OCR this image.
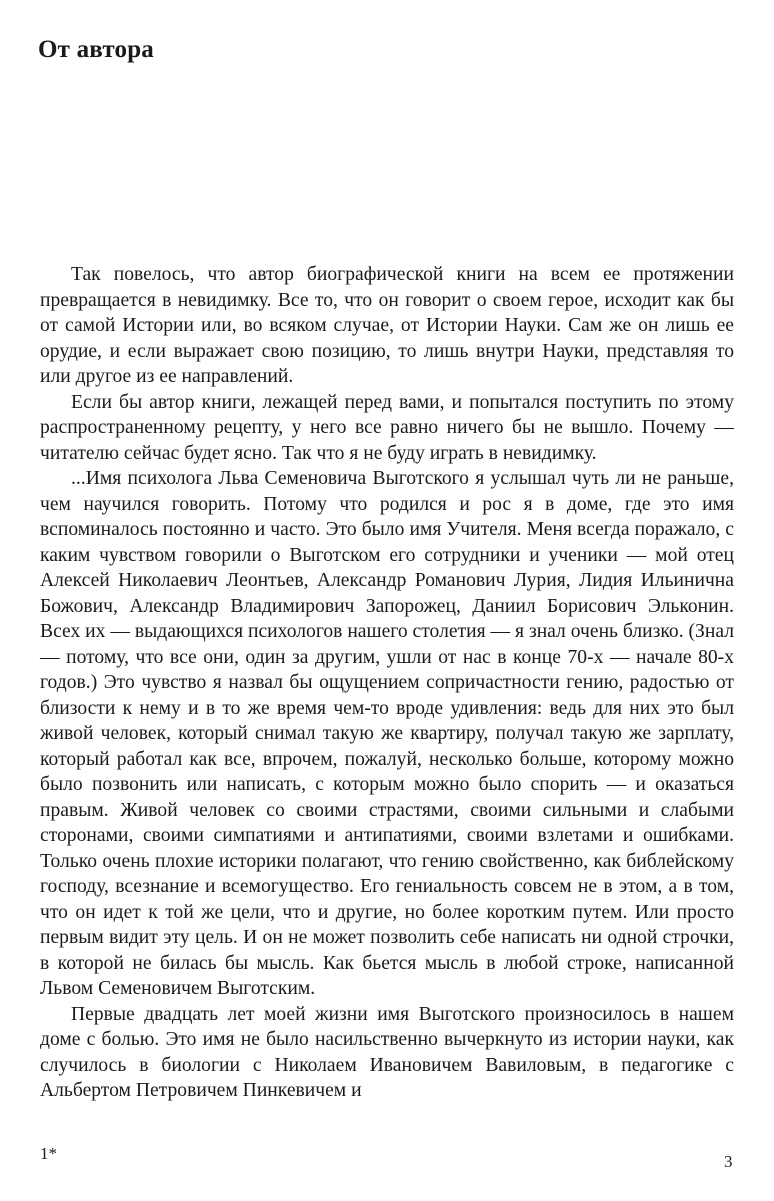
От автора

Так повелось, что автор биографической книги на всем ее протяжении превращается в невидимку. Все то, что он говорит о своем герое, исходит как бы от самой Истории или, во всяком случае, от Истории Науки. Сам же он лишь ее орудие, и если выражает свою позицию, то лишь внутри Науки, представляя то или другое из ее направлений.

Если бы автор книги, лежащей перед вами, и попытался поступить по этому распространенному рецепту, у него все равно ничего бы не вышло. Почему — читателю сейчас будет ясно. Так что я не буду играть в невидимку.

...Имя психолога Льва Семеновича Выготского я услышал чуть ли не раньше, чем научился говорить. Потому что родился и рос я в доме, где это имя вспоминалось постоянно и часто. Это было имя Учителя. Меня всегда поражало, с каким чувством говорили о Выготском его сотрудники и ученики — мой отец Алексей Николаевич Леонтьев, Александр Романович Лурия, Лидия Ильинична Божович, Александр Владимирович Запорожец, Даниил Борисович Эльконин. Всех их — выдающихся психологов нашего столетия — я знал очень близко. (Знал — потому, что все они, один за другим, ушли от нас в конце 70-х — начале 80-х годов.) Это чувство я назвал бы ощущением сопричастности гению, радостью от близости к нему и в то же время чем-то вроде удивления: ведь для них это был живой человек, который снимал такую же квартиру, получал такую же зарплату, который работал как все, впрочем, пожалуй, несколько больше, которому можно было позвонить или написать, с которым можно было спорить — и оказаться правым. Живой человек со своими страстями, своими сильными и слабыми сторонами, своими симпатиями и антипатиями, своими взлетами и ошибками. Только очень плохие историки полагают, что гению свойственно, как библейскому господу, всезнание и всемогущество. Его гениальность совсем не в этом, а в том, что он идет к той же цели, что и другие, но более коротким путем. Или просто первым видит эту цель. И он не может позволить себе написать ни одной строчки, в которой не билась бы мысль. Как бьется мысль в любой строке, написанной Львом Семеновичем Выготским.

Первые двадцать лет моей жизни имя Выготского произносилось в нашем доме с болью. Это имя не было насильственно вычеркнуто из истории науки, как случилось в биологии с Николаем Ивановичем Вавиловым, в педагогике с Альбертом Петровичем Пинкевичем и

1*	3
